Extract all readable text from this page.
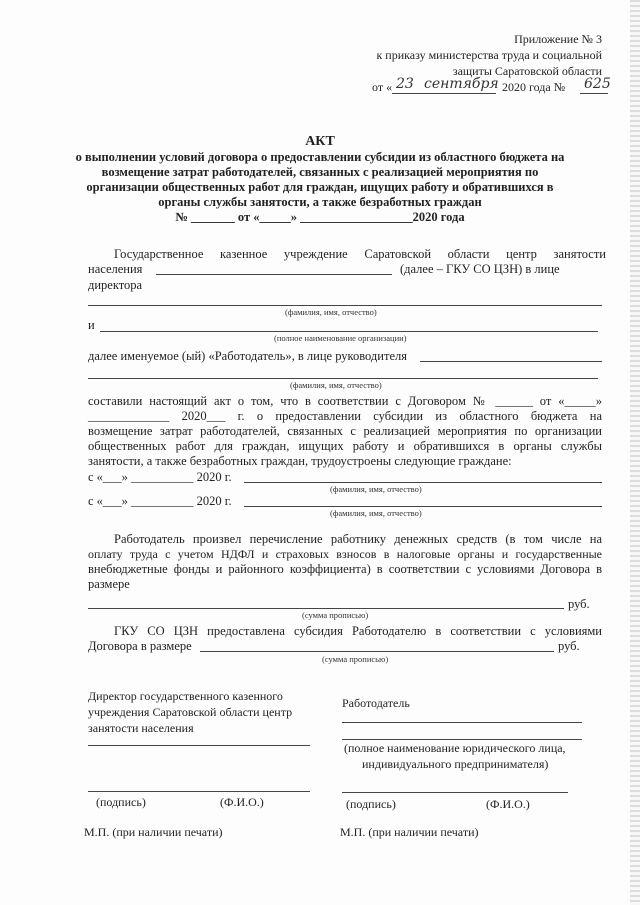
Приложение № 3
к приказу министерства труда и социальной
защиты Саратовской области
от « 23 сентября 2020 года № 625
АКТ
о выполнении условий договора о предоставлении субсидии из областного бюджета на
возмещение затрат работодателей, связанных с реализацией мероприятия по
организации общественных работ для граждан, ищущих работу и обратившихся в
органы службы занятости, а также безработных граждан
№ _______ от «_____» __________________2020 года
Государственное казенное учреждение Саратовской области центр занятости
населения	(далее – ГКУ СО ЦЗН) в лице
директора
(фамилия, имя, отчество)
и
(полное наименование организации)
далее именуемое (ый) «Работодатель», в лице руководителя
(фамилия, имя, отчество)
составили настоящий акт о том, что в соответствии с Договором № ______ от «_____»
_____________ 2020___ г. о предоставлении субсидии из областного бюджета на
возмещение затрат работодателей, связанных с реализацией мероприятия по организации
общественных работ для граждан, ищущих работу и обратившихся в органы службы
занятости, а также безработных граждан, трудоустроены следующие граждане:
с «___» __________ 2020 г.
(фамилия, имя, отчество)
с «___» __________ 2020 г.
(фамилия, имя, отчество)
Работодатель произвел перечисление работнику денежных средств (в том числе на
оплату труда с учетом НДФЛ и страховых взносов в налоговые органы и государственные
внебюджетные фонды и районного коэффициента) в соответствии с условиями Договора в
размере
руб.
(сумма прописью)
ГКУ СО ЦЗН предоставлена субсидия Работодателю в соответствии с условиями
Договора в размере	руб.
(сумма прописью)
Директор государственного казенного
учреждения Саратовской области центр
занятости населения
(подпись)	(Ф.И.О.)
М.П. (при наличии печати)
Работодатель
(полное наименование юридического лица,
индивидуального предпринимателя)
(подпись)	(Ф.И.О.)
М.П. (при наличии печати)
